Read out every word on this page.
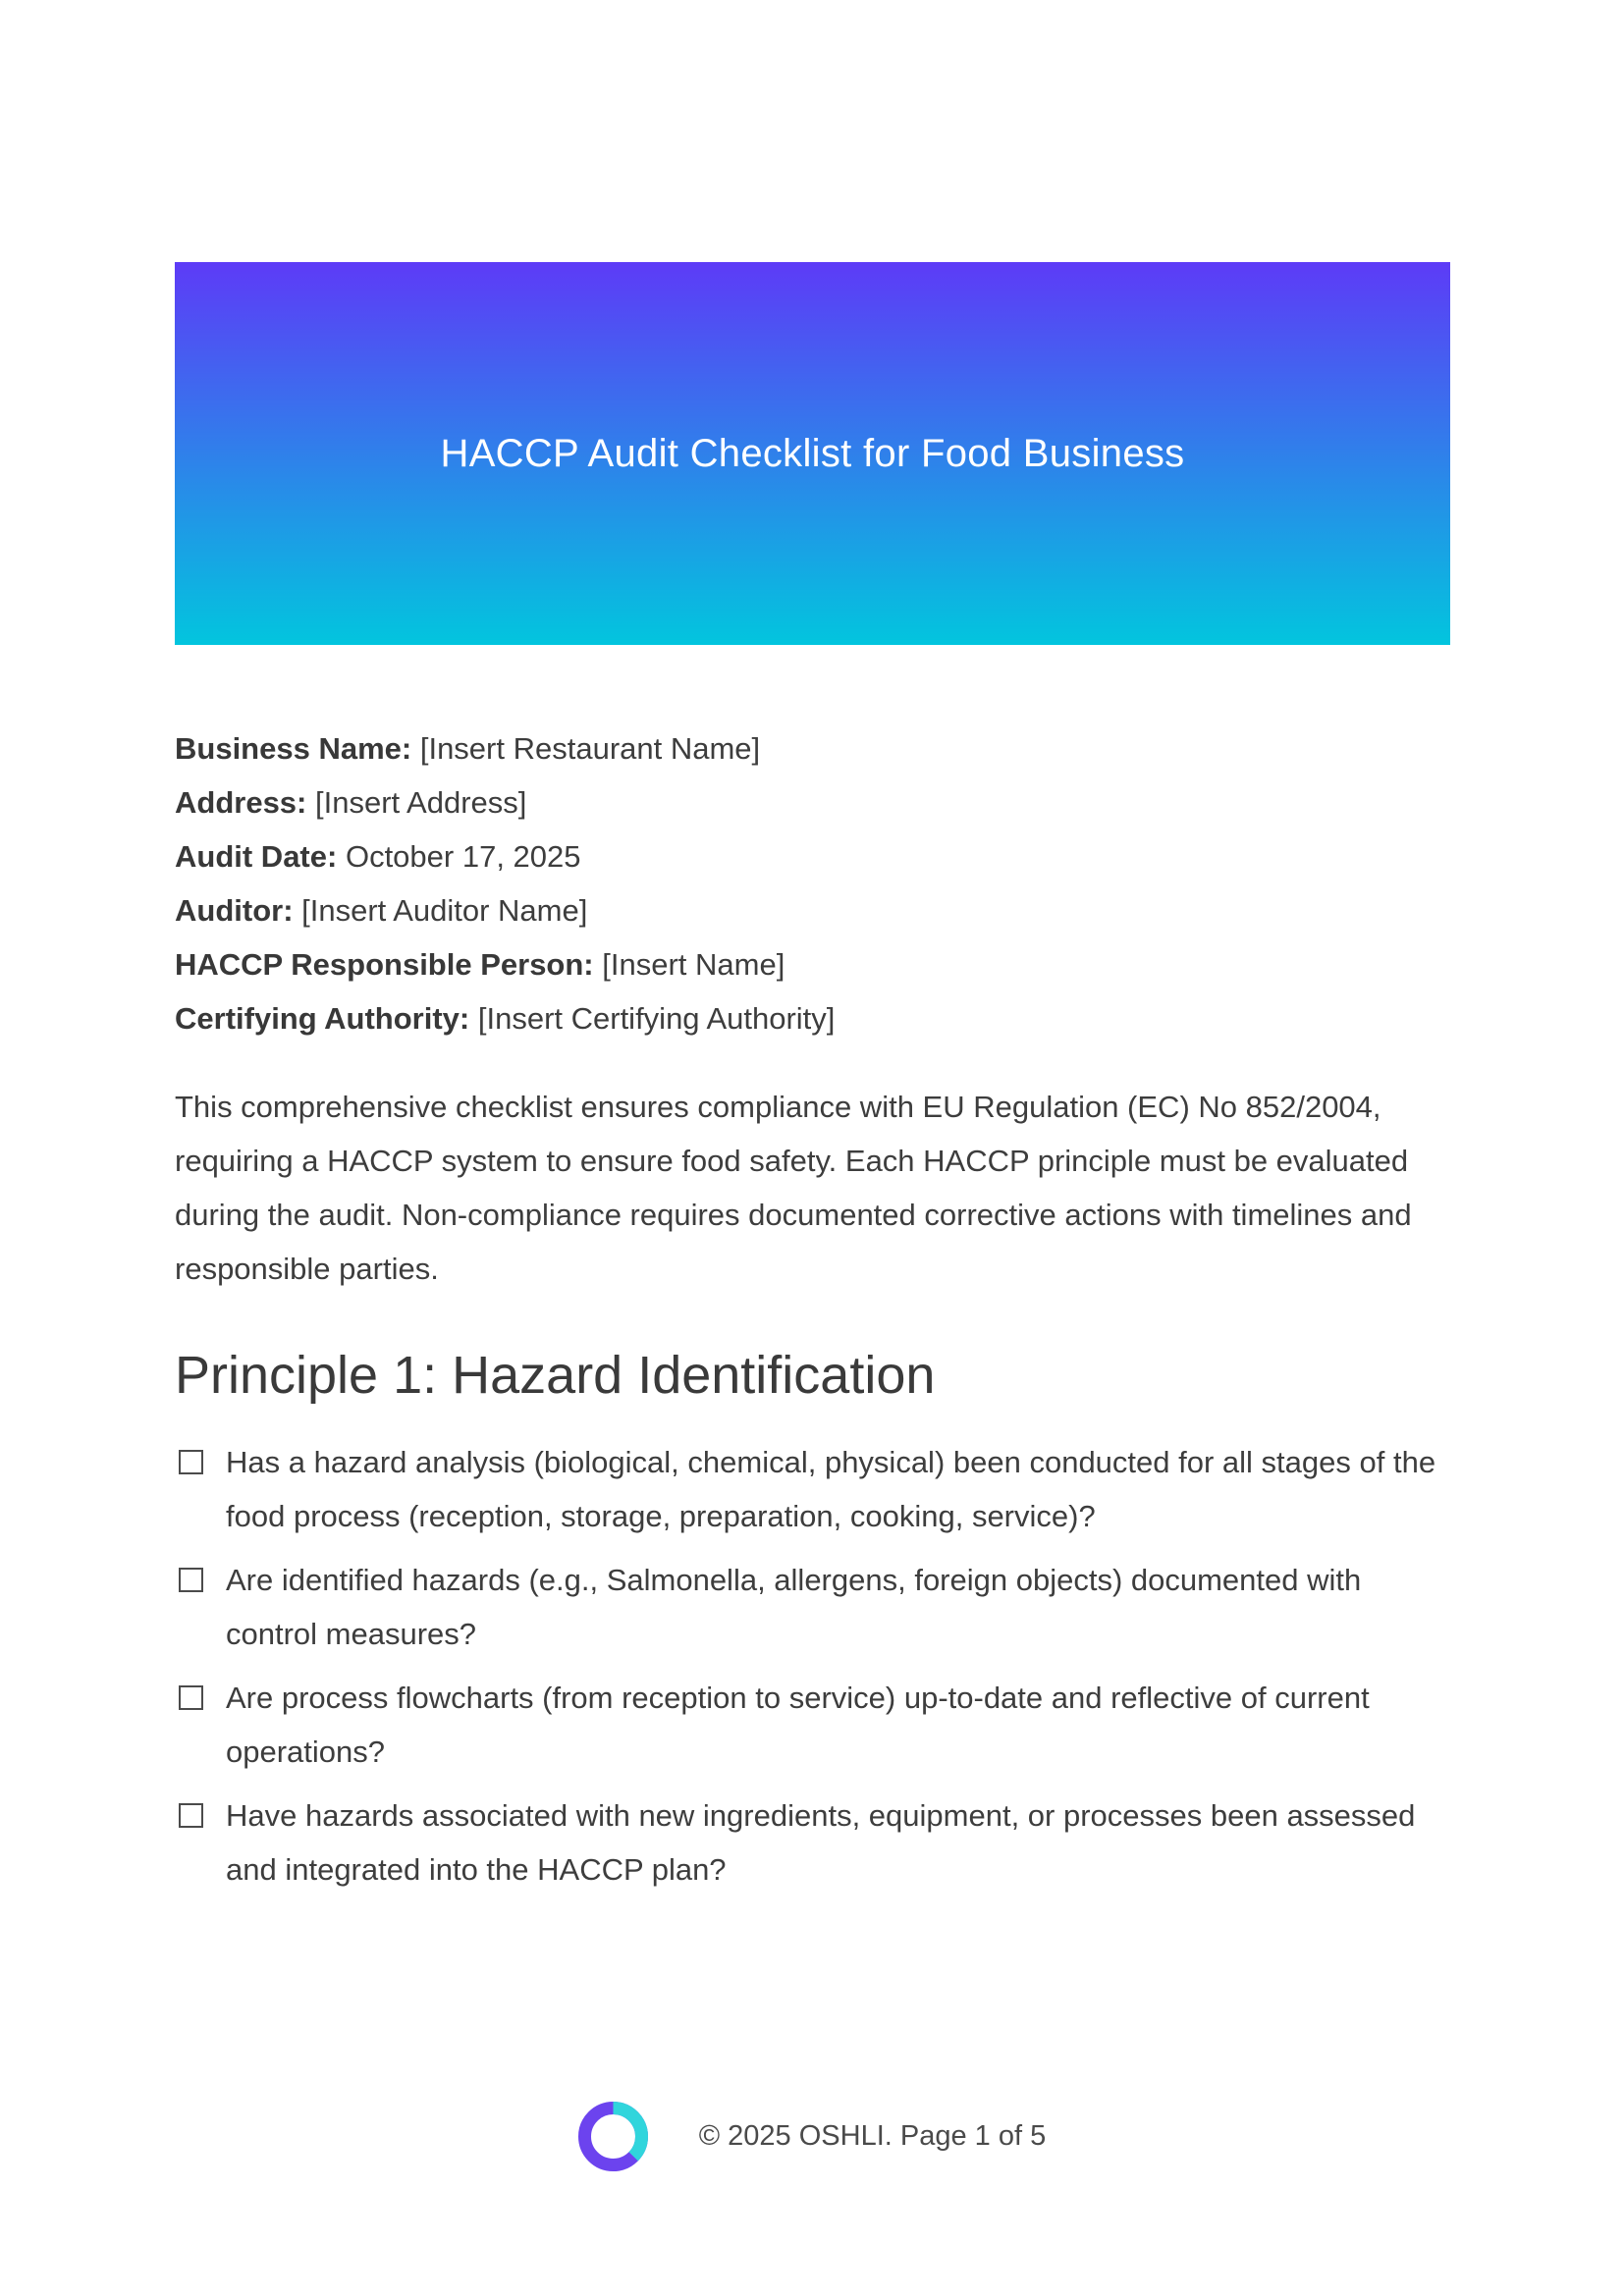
HACCP Audit Checklist for Food Business
Business Name: [Insert Restaurant Name]
Address: [Insert Address]
Audit Date: October 17, 2025
Auditor: [Insert Auditor Name]
HACCP Responsible Person: [Insert Name]
Certifying Authority: [Insert Certifying Authority]

This comprehensive checklist ensures compliance with EU Regulation (EC) No 852/2004, requiring a HACCP system to ensure food safety. Each HACCP principle must be evaluated during the audit. Non-compliance requires documented corrective actions with timelines and responsible parties.

Principle 1: Hazard Identification
Has a hazard analysis (biological, chemical, physical) been conducted for all stages of the food process (reception, storage, preparation, cooking, service)?
Are identified hazards (e.g., Salmonella, allergens, foreign objects) documented with control measures?
Are process flowcharts (from reception to service) up-to-date and reflective of current operations?
Have hazards associated with new ingredients, equipment, or processes been assessed and integrated into the HACCP plan?
© 2025 OSHLI. Page 1 of 5
